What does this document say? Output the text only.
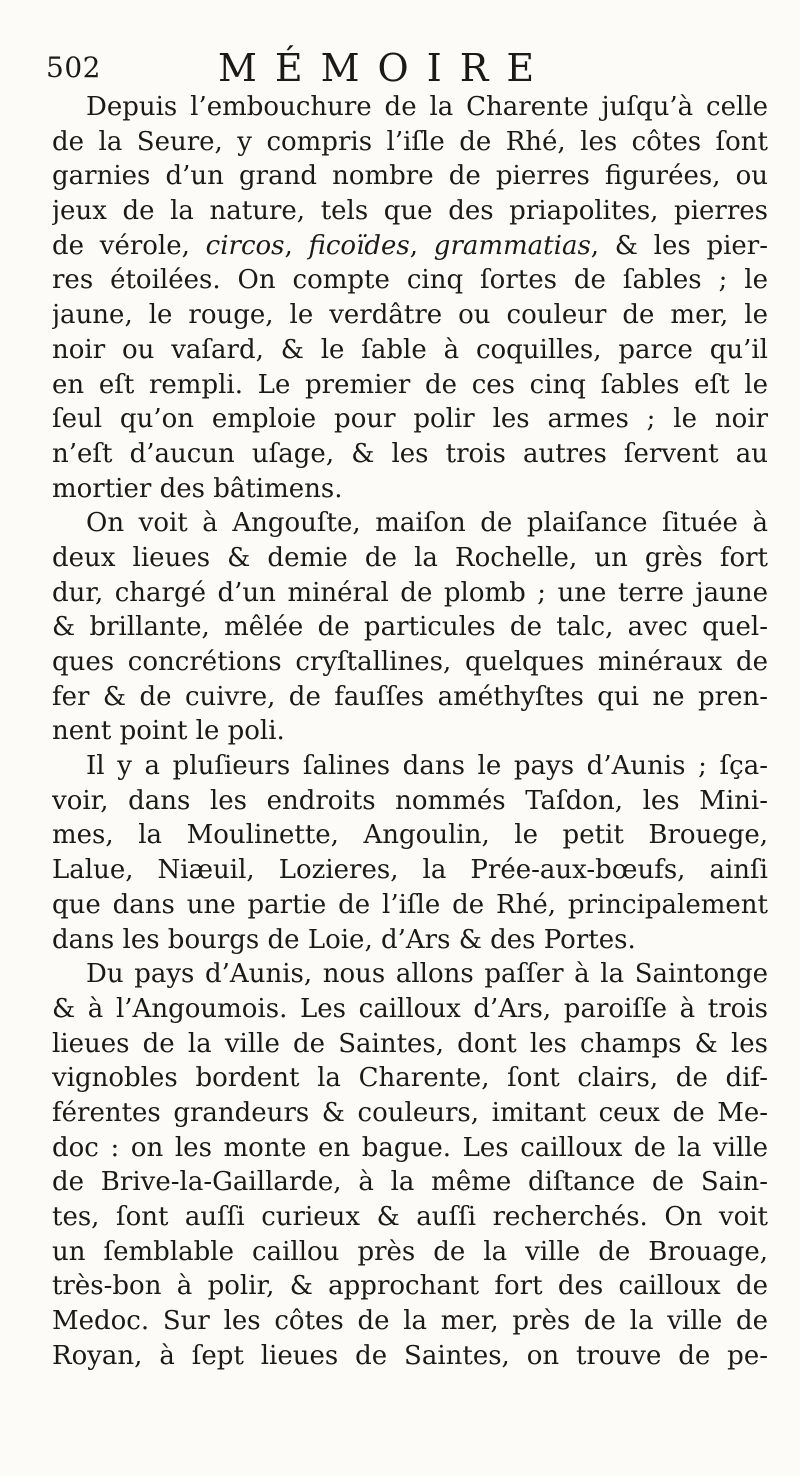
502	MÉMOIRE
Depuis l’embouchure de la Charente juſqu’à celle
de la Seure, y compris l’iſle de Rhé, les côtes ſont
garnies d’un grand nombre de pierres figurées, ou
jeux de la nature, tels que des priapolites, pierres
de vérole, circos, ficoïdes, grammatias, & les pier-
res étoilées. On compte cinq ſortes de ſables ; le
jaune, le rouge, le verdâtre ou couleur de mer, le
noir ou vaſard, & le ſable à coquilles, parce qu’il
en eſt rempli. Le premier de ces cinq ſables eſt le
ſeul qu’on emploie pour polir les armes ; le noir
n’eſt d’aucun uſage, & les trois autres ſervent au
mortier des bâtimens.
On voit à Angouſte, maiſon de plaiſance ſituée à
deux lieues & demie de la Rochelle, un grès fort
dur, chargé d’un minéral de plomb ; une terre jaune
& brillante, mêlée de particules de talc, avec quel-
ques concrétions cryſtallines, quelques minéraux de
fer & de cuivre, de fauſſes améthyſtes qui ne pren-
nent point le poli.
Il y a pluſieurs ſalines dans le pays d’Aunis ; ſça-
voir, dans les endroits nommés Taſdon, les Mini-
mes, la Moulinette, Angoulin, le petit Brouege,
Lalue, Niæuil, Lozieres, la Prée-aux-bœufs, ainſi
que dans une partie de l’iſle de Rhé, principalement
dans les bourgs de Loie, d’Ars & des Portes.
Du pays d’Aunis, nous allons paſſer à la Saintonge
& à l’Angoumois. Les cailloux d’Ars, paroiſſe à trois
lieues de la ville de Saintes, dont les champs & les
vignobles bordent la Charente, ſont clairs, de dif-
férentes grandeurs & couleurs, imitant ceux de Me-
doc : on les monte en bague. Les cailloux de la ville
de Brive-la-Gaillarde, à la même diſtance de Sain-
tes, ſont auſſi curieux & auſſi recherchés. On voit
un ſemblable caillou près de la ville de Brouage,
très-bon à polir, & approchant fort des cailloux de
Medoc. Sur les côtes de la mer, près de la ville de
Royan, à ſept lieues de Saintes, on trouve de pe-
